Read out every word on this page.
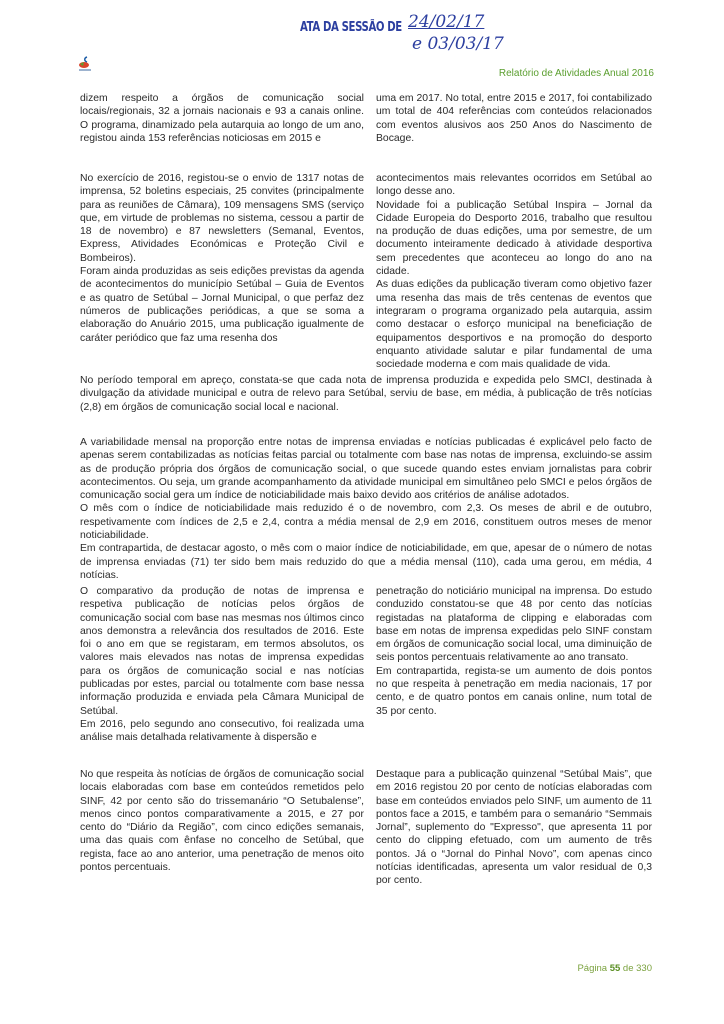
ATA DA SESSÃO DE 24/02/17
e 03/03/17
Relatório de Atividades Anual 2016

dizem respeito a órgãos de comunicação social locais/regionais, 32 a jornais nacionais e 93 a canais online. O programa, dinamizado pela autarquia ao longo de um ano, registou ainda 153 referências noticiosas em 2015 e

uma em 2017. No total, entre 2015 e 2017, foi contabilizado um total de 404 referências com conteúdos relacionados com eventos alusivos aos 250 Anos do Nascimento de Bocage.

No exercício de 2016, registou-se o envio de 1317 notas de imprensa, 52 boletins especiais, 25 convites (principalmente para as reuniões de Câmara), 109 mensagens SMS (serviço que, em virtude de problemas no sistema, cessou a partir de 18 de novembro) e 87 newsletters (Semanal, Eventos, Express, Atividades Económicas e Proteção Civil e Bombeiros).

Foram ainda produzidas as seis edições previstas da agenda de acontecimentos do município Setúbal – Guia de Eventos e as quatro de Setúbal – Jornal Municipal, o que perfaz dez números de publicações periódicas, a que se soma a elaboração do Anuário 2015, uma publicação igualmente de caráter periódico que faz uma resenha dos

acontecimentos mais relevantes ocorridos em Setúbal ao longo desse ano.

Novidade foi a publicação Setúbal Inspira – Jornal da Cidade Europeia do Desporto 2016, trabalho que resultou na produção de duas edições, uma por semestre, de um documento inteiramente dedicado à atividade desportiva sem precedentes que aconteceu ao longo do ano na cidade.

As duas edições da publicação tiveram como objetivo fazer uma resenha das mais de três centenas de eventos que integraram o programa organizado pela autarquia, assim como destacar o esforço municipal na beneficiação de equipamentos desportivos e na promoção do desporto enquanto atividade salutar e pilar fundamental de uma sociedade moderna e com mais qualidade de vida.

No período temporal em apreço, constata-se que cada nota de imprensa produzida e expedida pelo SMCI, destinada à divulgação da atividade municipal e outra de relevo para Setúbal, serviu de base, em média, à publicação de três notícias (2,8) em órgãos de comunicação social local e nacional.

A variabilidade mensal na proporção entre notas de imprensa enviadas e notícias publicadas é explicável pelo facto de apenas serem contabilizadas as notícias feitas parcial ou totalmente com base nas notas de imprensa, excluindo-se assim as de produção própria dos órgãos de comunicação social, o que sucede quando estes enviam jornalistas para cobrir acontecimentos. Ou seja, um grande acompanhamento da atividade municipal em simultâneo pelo SMCI e pelos órgãos de comunicação social gera um índice de noticiabilidade mais baixo devido aos critérios de análise adotados.

O mês com o índice de noticiabilidade mais reduzido é o de novembro, com 2,3. Os meses de abril e de outubro, respetivamente com índices de 2,5 e 2,4, contra a média mensal de 2,9 em 2016, constituem outros meses de menor noticiabilidade.

Em contrapartida, de destacar agosto, o mês com o maior índice de noticiabilidade, em que, apesar de o número de notas de imprensa enviadas (71) ter sido bem mais reduzido do que a média mensal (110), cada uma gerou, em média, 4 notícias.

O comparativo da produção de notas de imprensa e respetiva publicação de notícias pelos órgãos de comunicação social com base nas mesmas nos últimos cinco anos demonstra a relevância dos resultados de 2016. Este foi o ano em que se registaram, em termos absolutos, os valores mais elevados nas notas de imprensa expedidas para os órgãos de comunicação social e nas notícias publicadas por estes, parcial ou totalmente com base nessa informação produzida e enviada pela Câmara Municipal de Setúbal.

Em 2016, pelo segundo ano consecutivo, foi realizada uma análise mais detalhada relativamente à dispersão e

penetração do noticiário municipal na imprensa. Do estudo conduzido constatou-se que 48 por cento das notícias registadas na plataforma de clipping e elaboradas com base em notas de imprensa expedidas pelo SINF constam em órgãos de comunicação social local, uma diminuição de seis pontos percentuais relativamente ao ano transato.

Em contrapartida, regista-se um aumento de dois pontos no que respeita à penetração em media nacionais, 17 por cento, e de quatro pontos em canais online, num total de 35 por cento.

No que respeita às notícias de órgãos de comunicação social locais elaboradas com base em conteúdos remetidos pelo SINF, 42 por cento são do trissemanário “O Setubalense”, menos cinco pontos comparativamente a 2015, e 27 por cento do “Diário da Região”, com cinco edições semanais, uma das quais com ênfase no concelho de Setúbal, que regista, face ao ano anterior, uma penetração de menos oito pontos percentuais.

Destaque para a publicação quinzenal “Setúbal Mais”, que em 2016 registou 20 por cento de notícias elaboradas com base em conteúdos enviados pelo SINF, um aumento de 11 pontos face a 2015, e também para o semanário “Semmais Jornal”, suplemento do "Expresso", que apresenta 11 por cento do clipping efetuado, com um aumento de três pontos. Já o “Jornal do Pinhal Novo”, com apenas cinco notícias identificadas, apresenta um valor residual de 0,3 por cento.

Página 55 de 330
